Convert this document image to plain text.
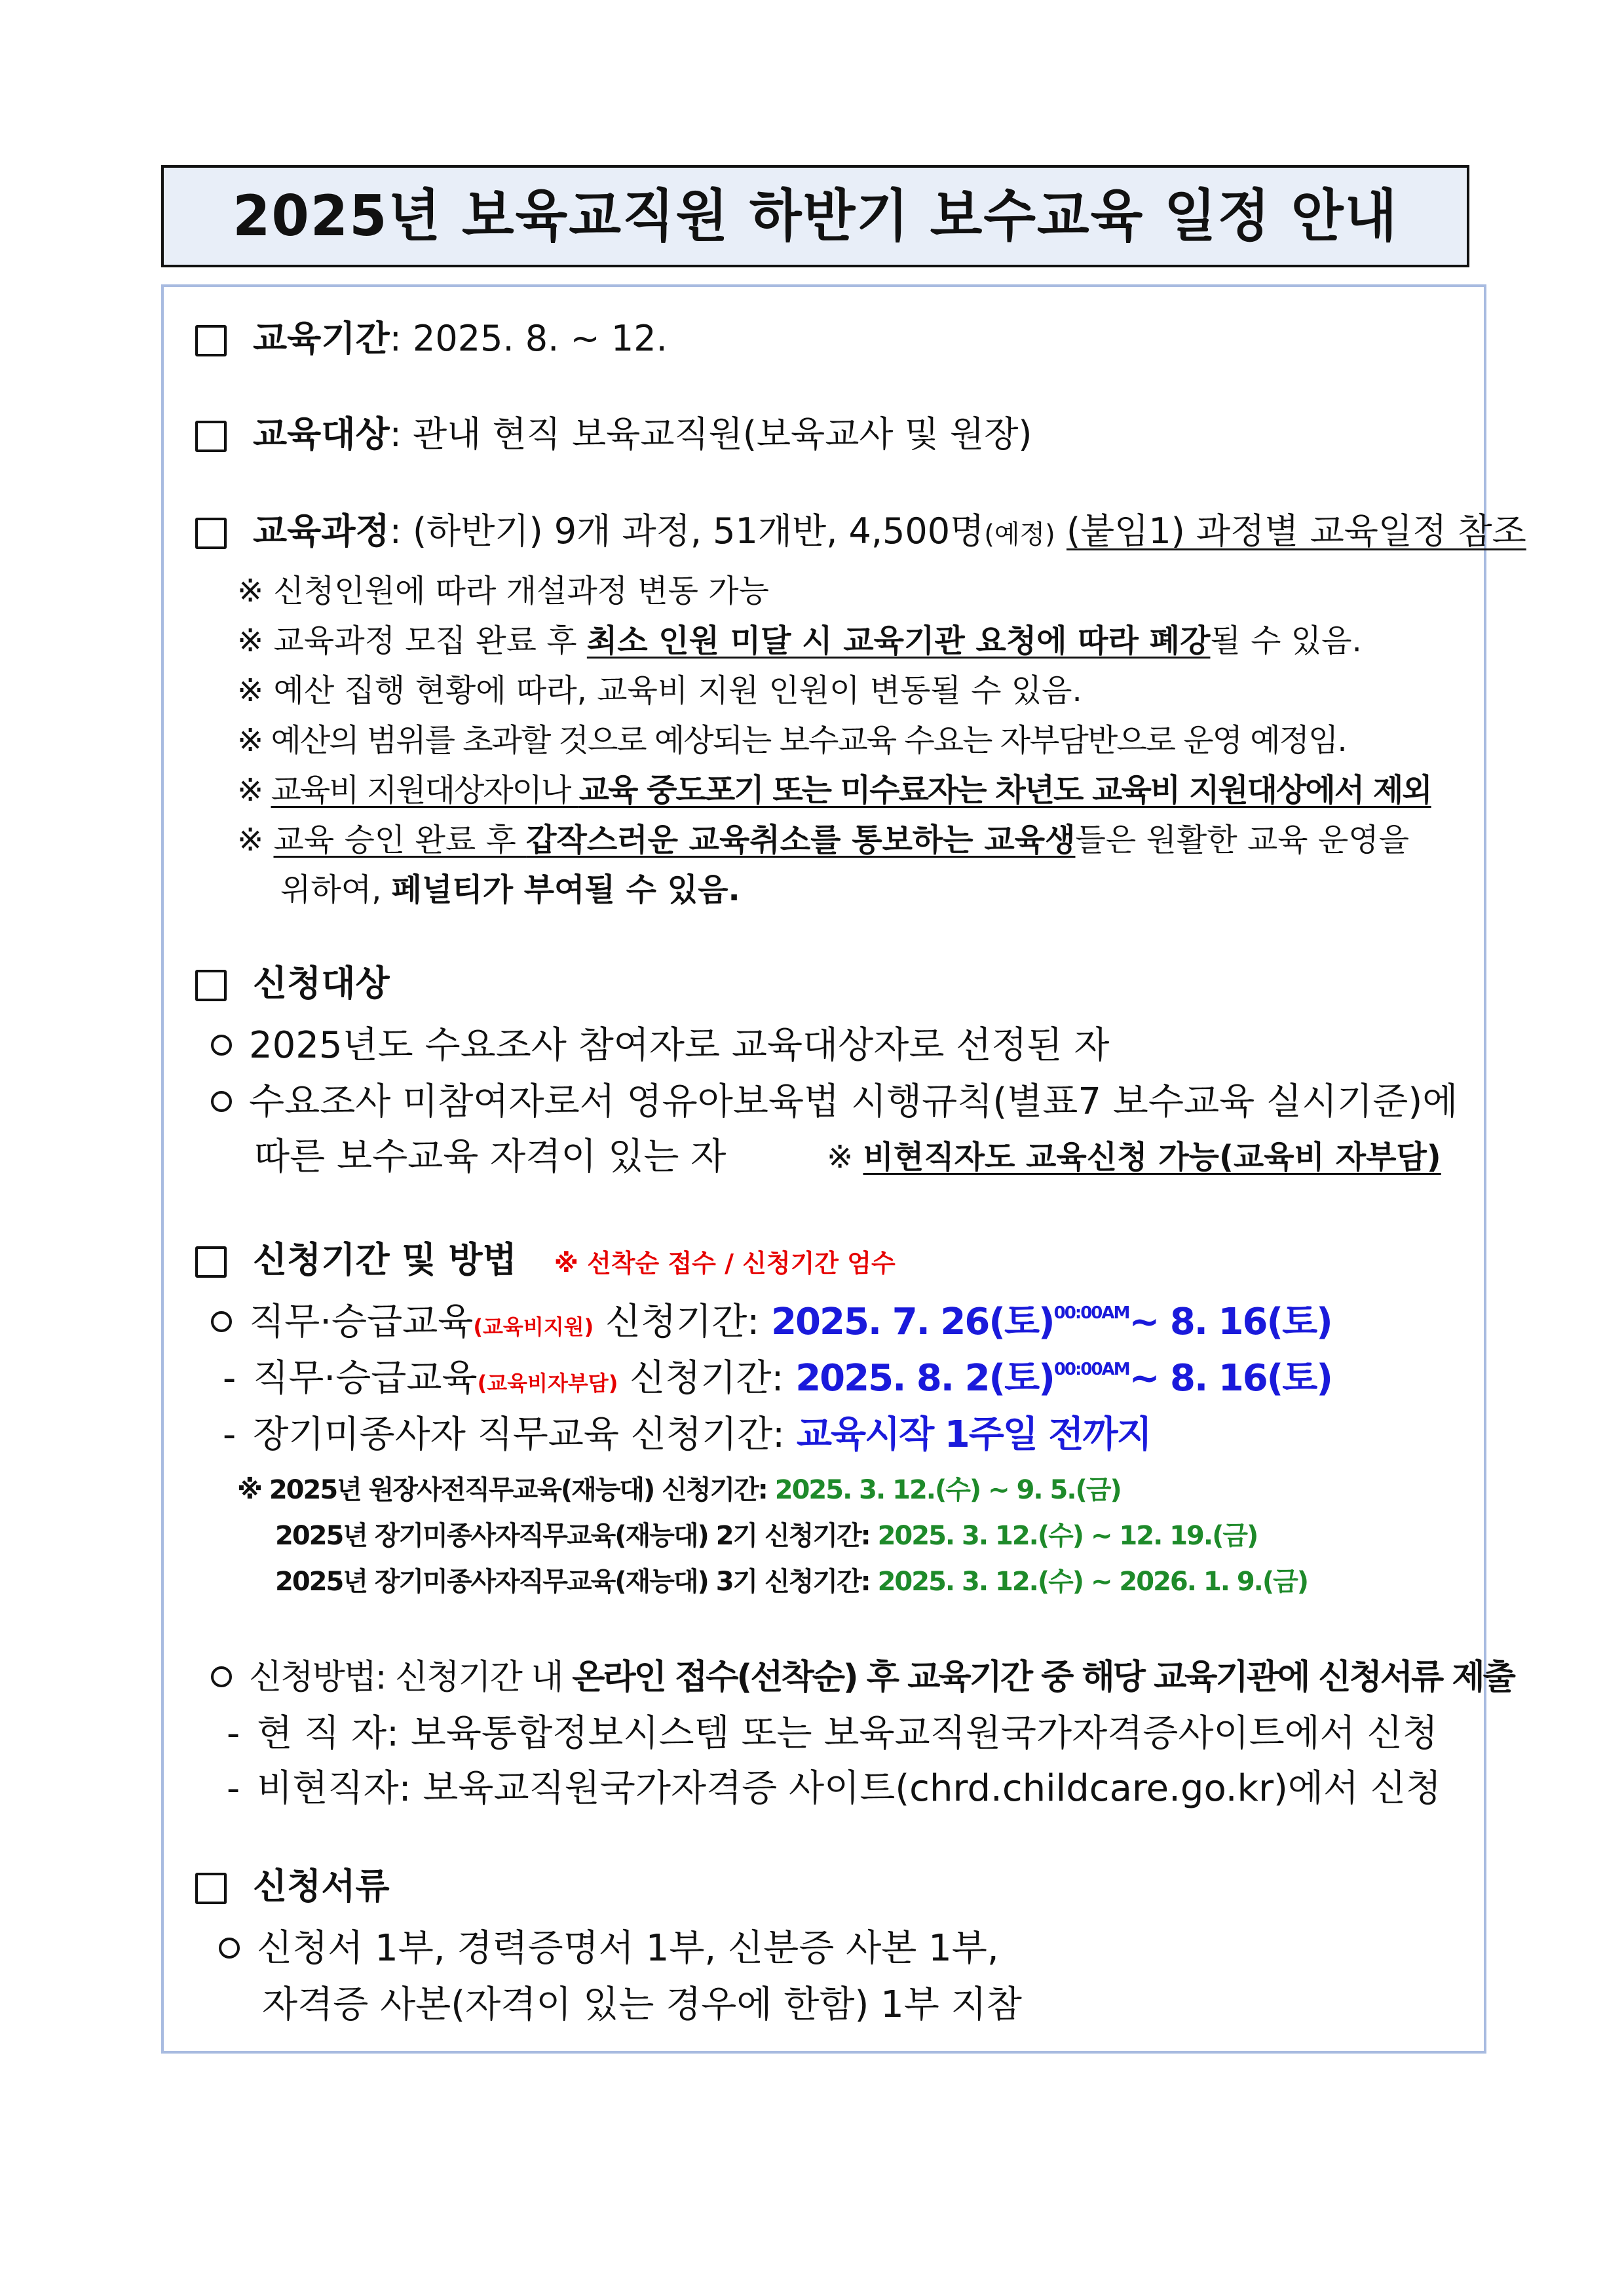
2025년 보육교직원 하반기 보수교육 일정 안내
교육기간: 2025. 8. ~ 12.
교육대상: 관내 현직 보육교직원(보육교사 및 원장)
교육과정: (하반기) 9개 과정, 51개반, 4,500명(예정) (붙임1) 과정별 교육일정 참조
※ 신청인원에 따라 개설과정 변동 가능
※ 교육과정 모집 완료 후 최소 인원 미달 시 교육기관 요청에 따라 폐강될 수 있음.
※ 예산 집행 현황에 따라, 교육비 지원 인원이 변동될 수 있음.
※ 예산의 범위를 초과할 것으로 예상되는 보수교육 수요는 자부담반으로 운영 예정임.
※ 교육비 지원대상자이나 교육 중도포기 또는 미수료자는 차년도 교육비 지원대상에서 제외
※ 교육 승인 완료 후 갑작스러운 교육취소를 통보하는 교육생들은 원활한 교육 운영을
위하여, 페널티가 부여될 수 있음.
신청대상
2025년도 수요조사 참여자로 교육대상자로 선정된 자
수요조사 미참여자로서 영유아보육법 시행규칙(별표7 보수교육 실시기준)에
따른 보수교육 자격이 있는 자	※ 비현직자도 교육신청 가능(교육비 자부담)
신청기간 및 방법 ※ 선착순 접수 / 신청기간 엄수
직무·승급교육(교육비지원) 신청기간: 2025. 7. 26(토)$^{00:00AM}$~ 8. 16(토)
- 직무·승급교육(교육비자부담) 신청기간: 2025. 8. 2(토)$^{00:00AM}$~ 8. 16(토)
- 장기미종사자 직무교육 신청기간: 교육시작 1주일 전까지
※ 2025년 원장사전직무교육(재능대) 신청기간: 2025. 3. 12.(수) ~ 9. 5.(금)
2025년 장기미종사자직무교육(재능대) 2기 신청기간: 2025. 3. 12.(수) ~ 12. 19.(금)
2025년 장기미종사자직무교육(재능대) 3기 신청기간: 2025. 3. 12.(수) ~ 2026. 1. 9.(금)
신청방법: 신청기간 내 온라인 접수(선착순) 후 교육기간 중 해당 교육기관에 신청서류 제출
- 현 직 자: 보육통합정보시스템 또는 보육교직원국가자격증사이트에서 신청
- 비현직자: 보육교직원국가자격증 사이트(chrd.childcare.go.kr)에서 신청
신청서류
신청서 1부, 경력증명서 1부, 신분증 사본 1부,
자격증 사본(자격이 있는 경우에 한함) 1부 지참
